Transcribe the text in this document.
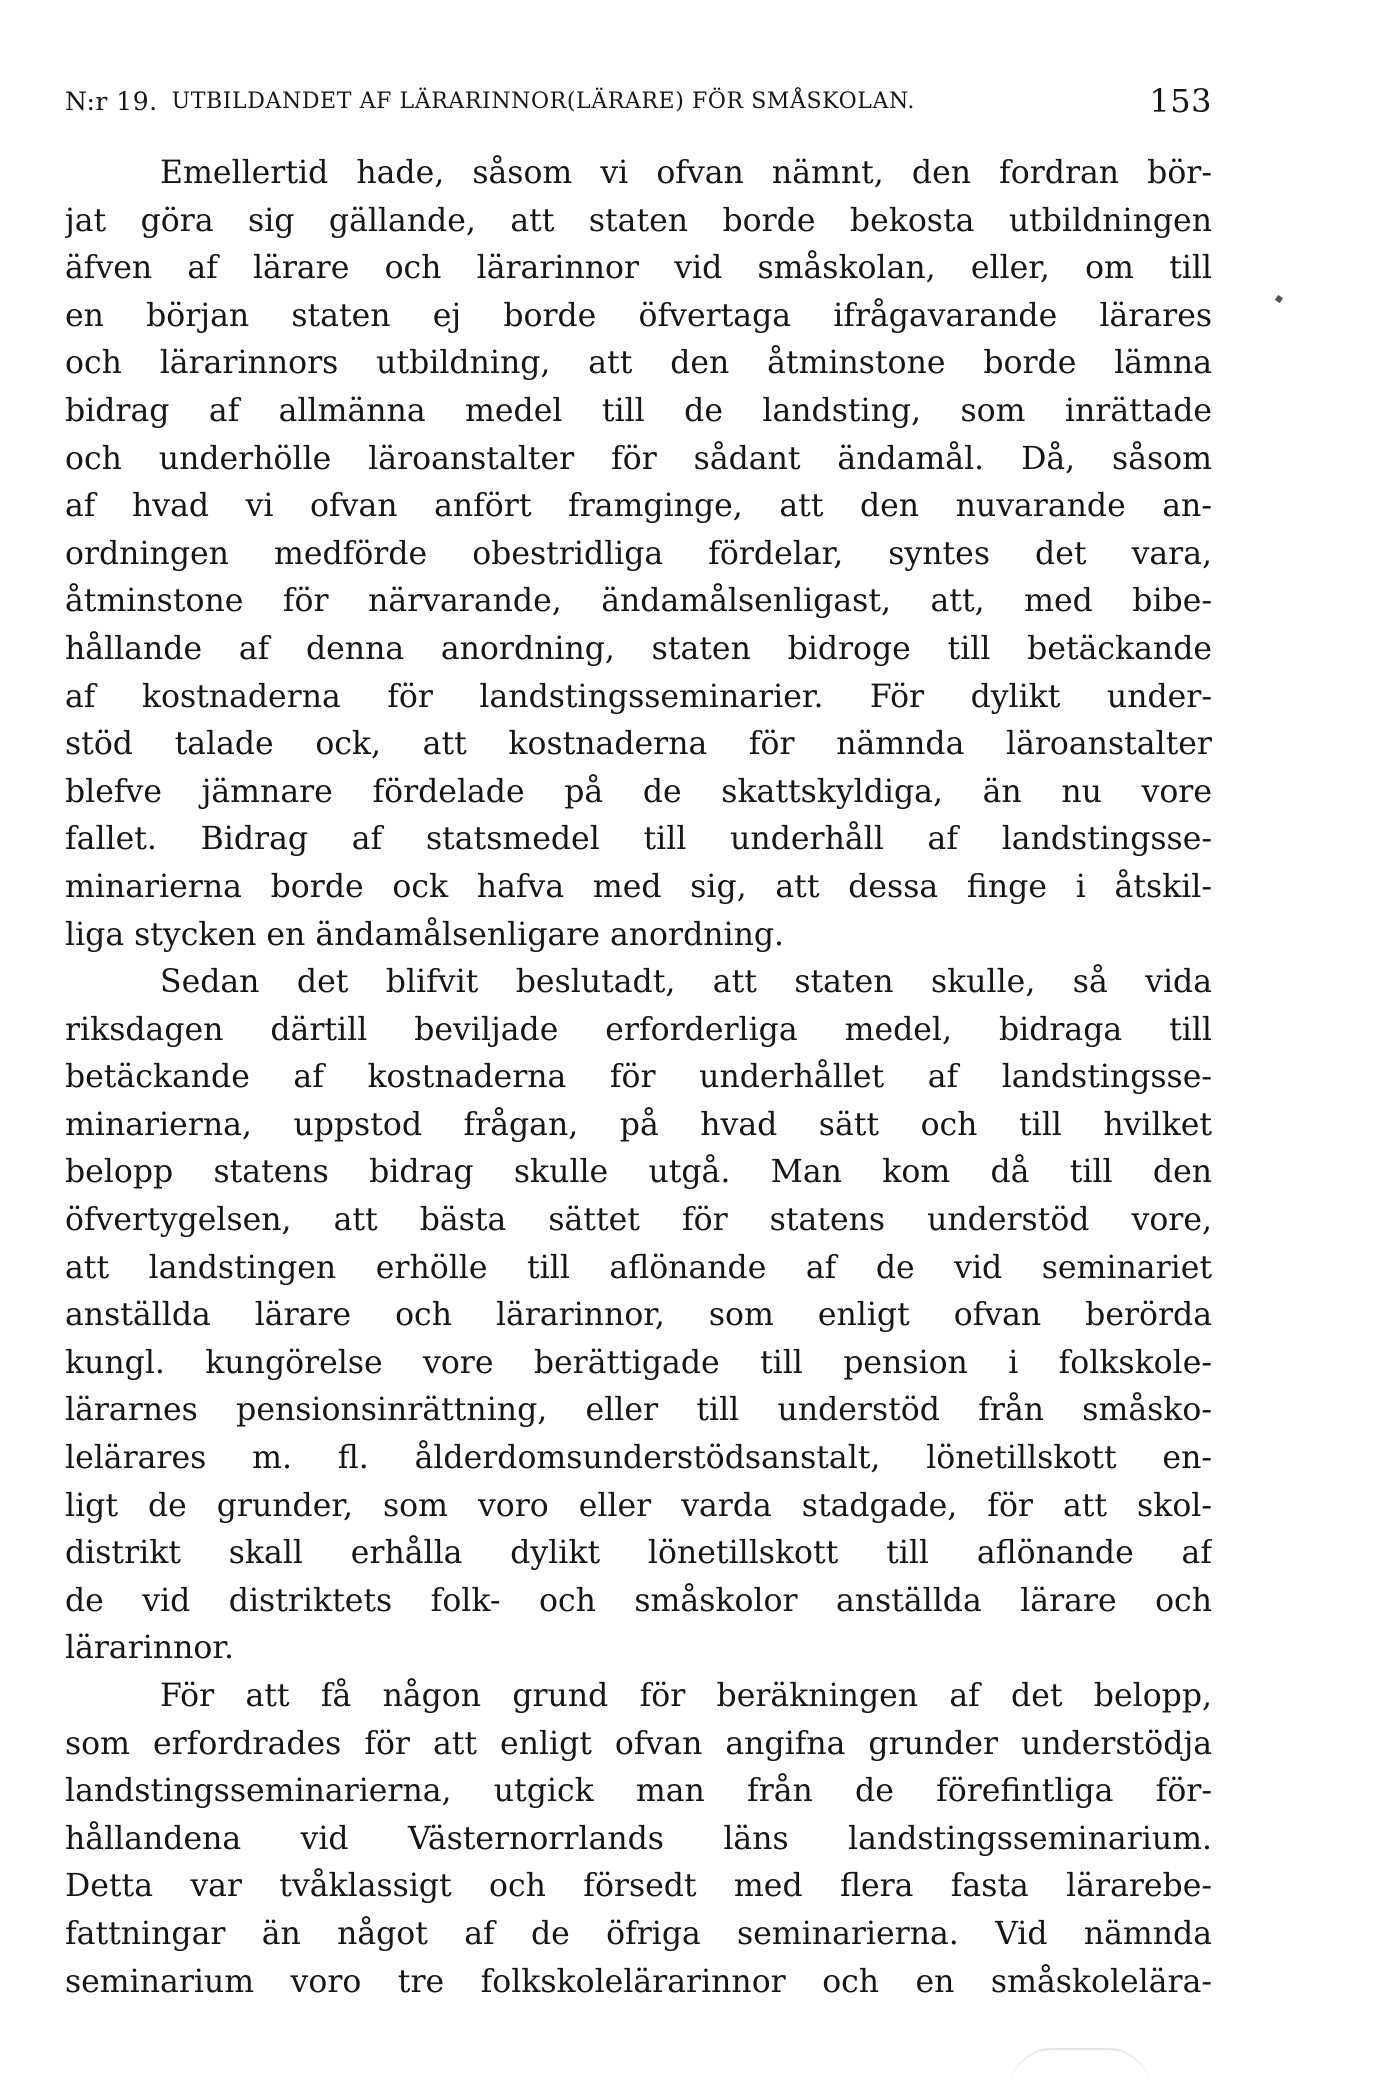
N:r 19. UTBILDANDET AF LÄRARINNOR(LÄRARE) FÖR SMÅSKOLAN.	153
Emellertid hade, såsom vi ofvan nämnt, den fordran bör-
jat göra sig gällande, att staten borde bekosta utbildningen
äfven af lärare och lärarinnor vid småskolan, eller, om till
en början staten ej borde öfvertaga ifrågavarande lärares
och lärarinnors utbildning, att den åtminstone borde lämna
bidrag af allmänna medel till de landsting, som inrättade
och underhölle läroanstalter för sådant ändamål. Då, såsom
af hvad vi ofvan anfört framginge, att den nuvarande an-
ordningen medförde obestridliga fördelar, syntes det vara,
åtminstone för närvarande, ändamålsenligast, att, med bibe-
hållande af denna anordning, staten bidroge till betäckande
af kostnaderna för landstingsseminarier. För dylikt under-
stöd talade ock, att kostnaderna för nämnda läroanstalter
blefve jämnare fördelade på de skattskyldiga, än nu vore
fallet. Bidrag af statsmedel till underhåll af landstingsse-
minarierna borde ock hafva med sig, att dessa finge i åtskil-
liga stycken en ändamålsenligare anordning.
Sedan det blifvit beslutadt, att staten skulle, så vida
riksdagen därtill beviljade erforderliga medel, bidraga till
betäckande af kostnaderna för underhållet af landstingsse-
minarierna, uppstod frågan, på hvad sätt och till hvilket
belopp statens bidrag skulle utgå. Man kom då till den
öfvertygelsen, att bästa sättet för statens understöd vore,
att landstingen erhölle till aflönande af de vid seminariet
anställda lärare och lärarinnor, som enligt ofvan berörda
kungl. kungörelse vore berättigade till pension i folkskole-
lärarnes pensionsinrättning, eller till understöd från småsko-
lelärares m. fl. ålderdomsunderstödsanstalt, lönetillskott en-
ligt de grunder, som voro eller varda stadgade, för att skol-
distrikt skall erhålla dylikt lönetillskott till aflönande af
de vid distriktets folk- och småskolor anställda lärare och
lärarinnor.
För att få någon grund för beräkningen af det belopp,
som erfordrades för att enligt ofvan angifna grunder understödja
landstingsseminarierna, utgick man från de förefintliga för-
hållandena vid Västernorrlands läns landstingsseminarium.
Detta var tvåklassigt och försedt med flera fasta lärarebe-
fattningar än något af de öfriga seminarierna. Vid nämnda
seminarium voro tre folkskolelärarinnor och en småskolelära-
